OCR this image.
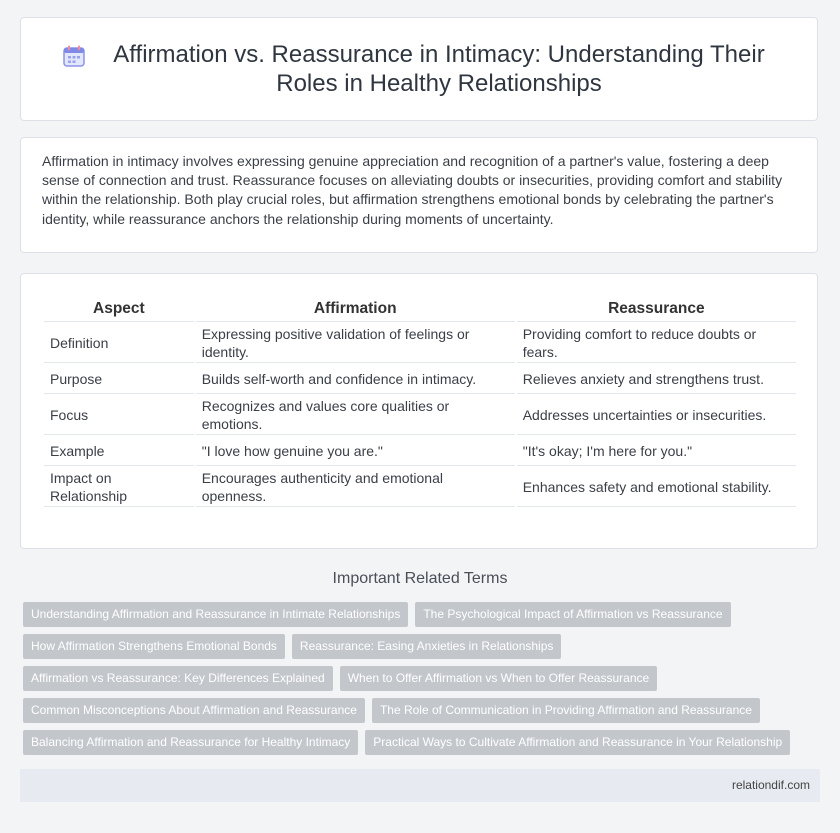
Affirmation vs. Reassurance in Intimacy: Understanding Their Roles in Healthy Relationships

Affirmation in intimacy involves expressing genuine appreciation and recognition of a partner's value, fostering a deep sense of connection and trust. Reassurance focuses on alleviating doubts or insecurities, providing comfort and stability within the relationship. Both play crucial roles, but affirmation strengthens emotional bonds by celebrating the partner's identity, while reassurance anchors the relationship during moments of uncertainty.

Aspect	Affirmation	Reassurance
Definition	Expressing positive validation of feelings or identity.	Providing comfort to reduce doubts or fears.
Purpose	Builds self-worth and confidence in intimacy.	Relieves anxiety and strengthens trust.
Focus	Recognizes and values core qualities or emotions.	Addresses uncertainties or insecurities.
Example	"I love how genuine you are."	"It's okay; I'm here for you."
Impact on Relationship	Encourages authenticity and emotional openness.	Enhances safety and emotional stability.
Important Related Terms
Understanding Affirmation and Reassurance in Intimate Relationships	The Psychological Impact of Affirmation vs Reassurance
How Affirmation Strengthens Emotional Bonds	Reassurance: Easing Anxieties in Relationships
Affirmation vs Reassurance: Key Differences Explained	When to Offer Affirmation vs When to Offer Reassurance
Common Misconceptions About Affirmation and Reassurance	The Role of Communication in Providing Affirmation and Reassurance
Balancing Affirmation and Reassurance for Healthy Intimacy	Practical Ways to Cultivate Affirmation and Reassurance in Your Relationship
relationdif.com
